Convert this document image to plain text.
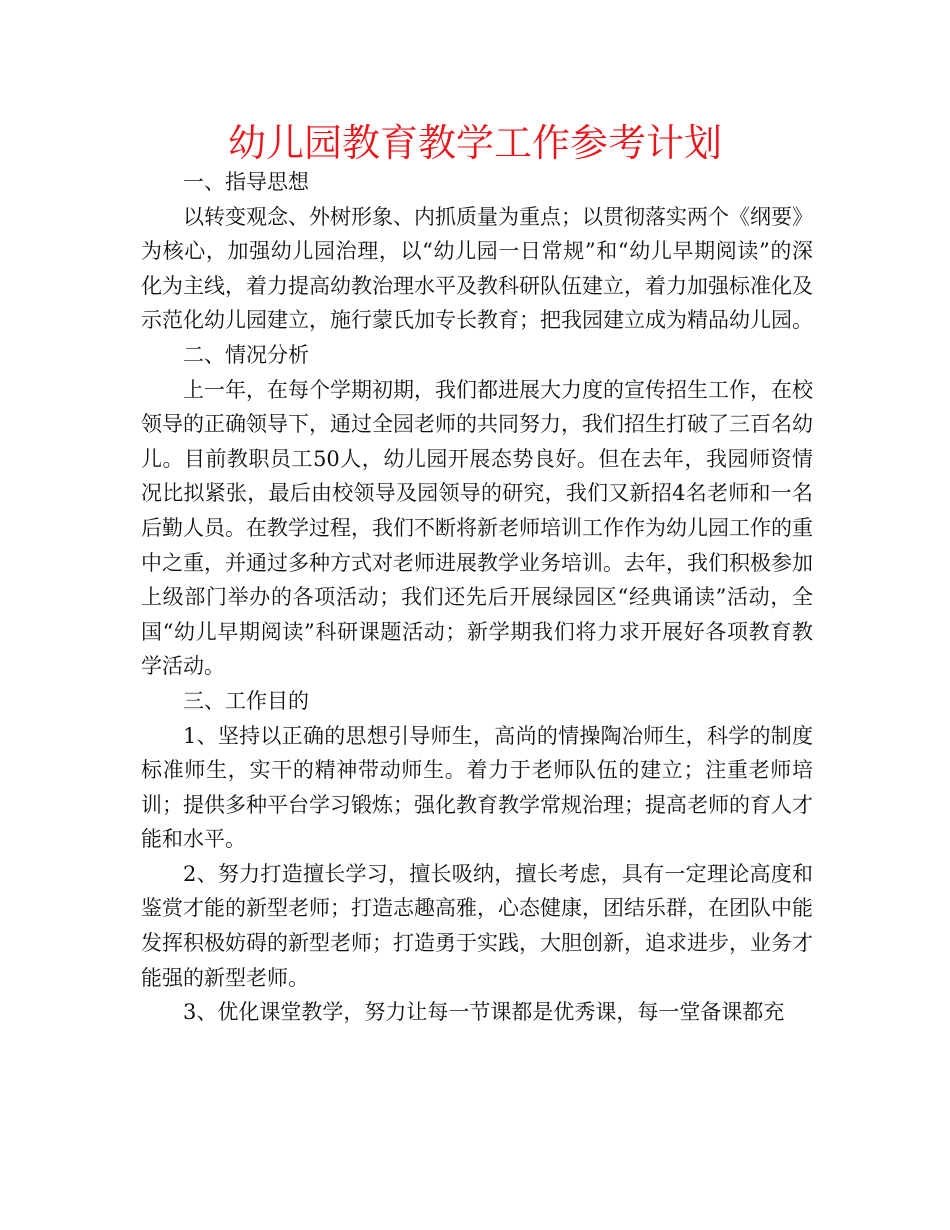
幼儿园教育教学工作参考计划

一、指导思想

以转变观念、外树形象、内抓质量为重点；以贯彻落实两个《纲要》为核心，加强幼儿园治理，以“幼儿园一日常规”和“幼儿早期阅读”的深化为主线，着力提高幼教治理水平及教科研队伍建立，着力加强标准化及示范化幼儿园建立，施行蒙氏加专长教育；把我园建立成为精品幼儿园。

二、情况分析

上一年，在每个学期初期，我们都进展大力度的宣传招生工作，在校领导的正确领导下，通过全园老师的共同努力，我们招生打破了三百名幼儿。目前教职员工50人，幼儿园开展态势良好。但在去年，我园师资情况比拟紧张，最后由校领导及园领导的研究，我们又新招4名老师和一名后勤人员。在教学过程，我们不断将新老师培训工作作为幼儿园工作的重中之重，并通过多种方式对老师进展教学业务培训。去年，我们积极参加上级部门举办的各项活动；我们还先后开展绿园区“经典诵读”活动，全国“幼儿早期阅读”科研课题活动；新学期我们将力求开展好各项教育教学活动。

三、工作目的

1、坚持以正确的思想引导师生，高尚的情操陶冶师生，科学的制度标准师生，实干的精神带动师生。着力于老师队伍的建立；注重老师培训；提供多种平台学习锻炼；强化教育教学常规治理；提高老师的育人才能和水平。

2、努力打造擅长学习，擅长吸纳，擅长考虑，具有一定理论高度和鉴赏才能的新型老师；打造志趣高雅，心态健康，团结乐群，在团队中能发挥积极妨碍的新型老师；打造勇于实践，大胆创新，追求进步，业务才能强的新型老师。

3、优化课堂教学，努力让每一节课都是优秀课，每一堂备课都充
